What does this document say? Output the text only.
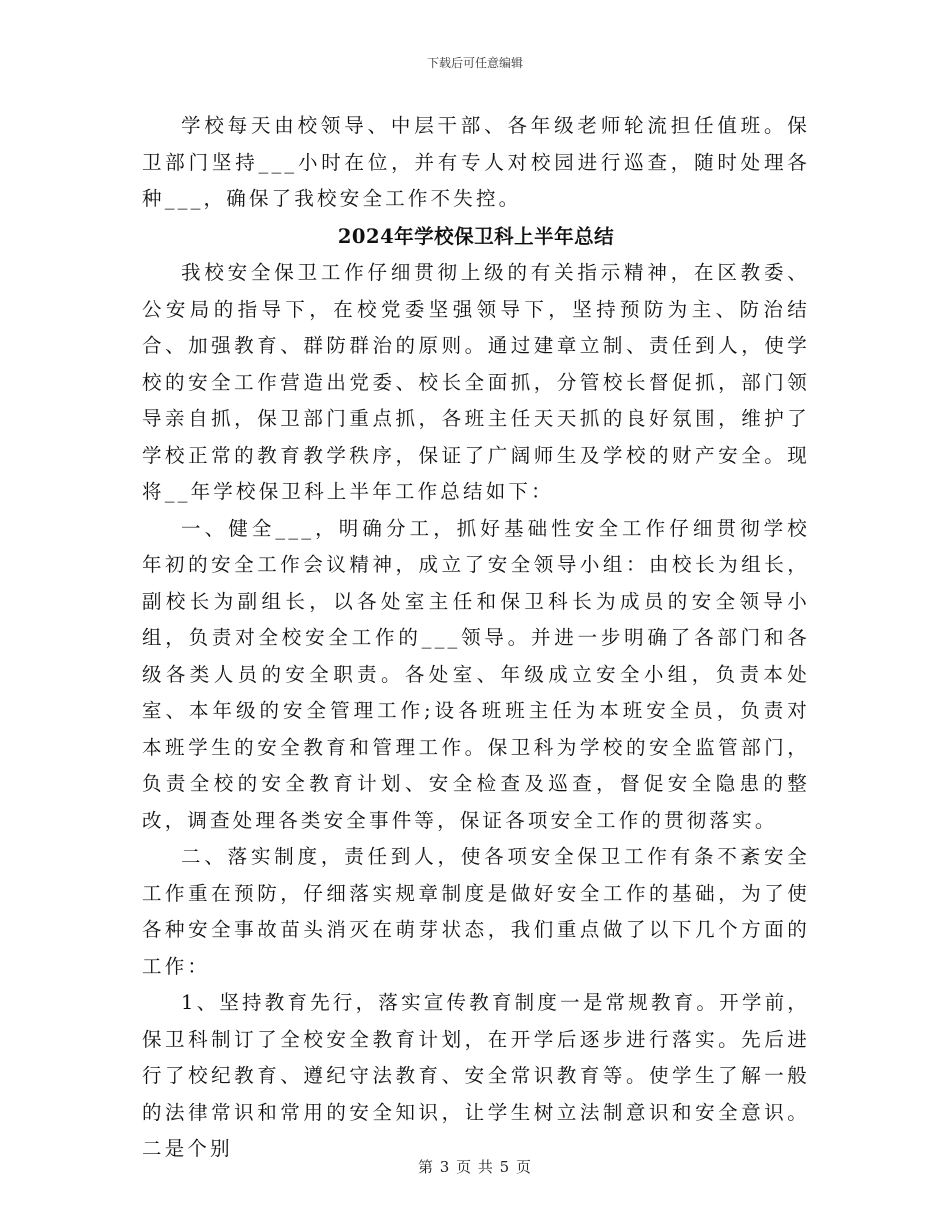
下载后可任意编辑

学校每天由校领导、中层干部、各年级老师轮流担任值班。保卫部门坚持___小时在位，并有专人对校园进行巡查，随时处理各种___，确保了我校安全工作不失控。

2024年学校保卫科上半年总结

我校安全保卫工作仔细贯彻上级的有关指示精神，在区教委、公安局的指导下，在校党委坚强领导下，坚持预防为主、防治结合、加强教育、群防群治的原则。通过建章立制、责任到人，使学校的安全工作营造出党委、校长全面抓，分管校长督促抓，部门领导亲自抓，保卫部门重点抓，各班主任天天抓的良好氛围，维护了学校正常的教育教学秩序，保证了广阔师生及学校的财产安全。现将__年学校保卫科上半年工作总结如下：

一、健全___，明确分工，抓好基础性安全工作仔细贯彻学校年初的安全工作会议精神，成立了安全领导小组：由校长为组长，副校长为副组长，以各处室主任和保卫科长为成员的安全领导小组，负责对全校安全工作的___领导。并进一步明确了各部门和各级各类人员的安全职责。各处室、年级成立安全小组，负责本处室、本年级的安全管理工作;设各班班主任为本班安全员，负责对本班学生的安全教育和管理工作。保卫科为学校的安全监管部门，负责全校的安全教育计划、安全检查及巡查，督促安全隐患的整改，调查处理各类安全事件等，保证各项安全工作的贯彻落实。

二、落实制度，责任到人，使各项安全保卫工作有条不紊安全工作重在预防，仔细落实规章制度是做好安全工作的基础，为了使各种安全事故苗头消灭在萌芽状态，我们重点做了以下几个方面的工作：

1、坚持教育先行，落实宣传教育制度一是常规教育。开学前，保卫科制订了全校安全教育计划，在开学后逐步进行落实。先后进行了校纪教育、遵纪守法教育、安全常识教育等。使学生了解一般的法律常识和常用的安全知识，让学生树立法制意识和安全意识。二是个别

第 3 页 共 5 页
